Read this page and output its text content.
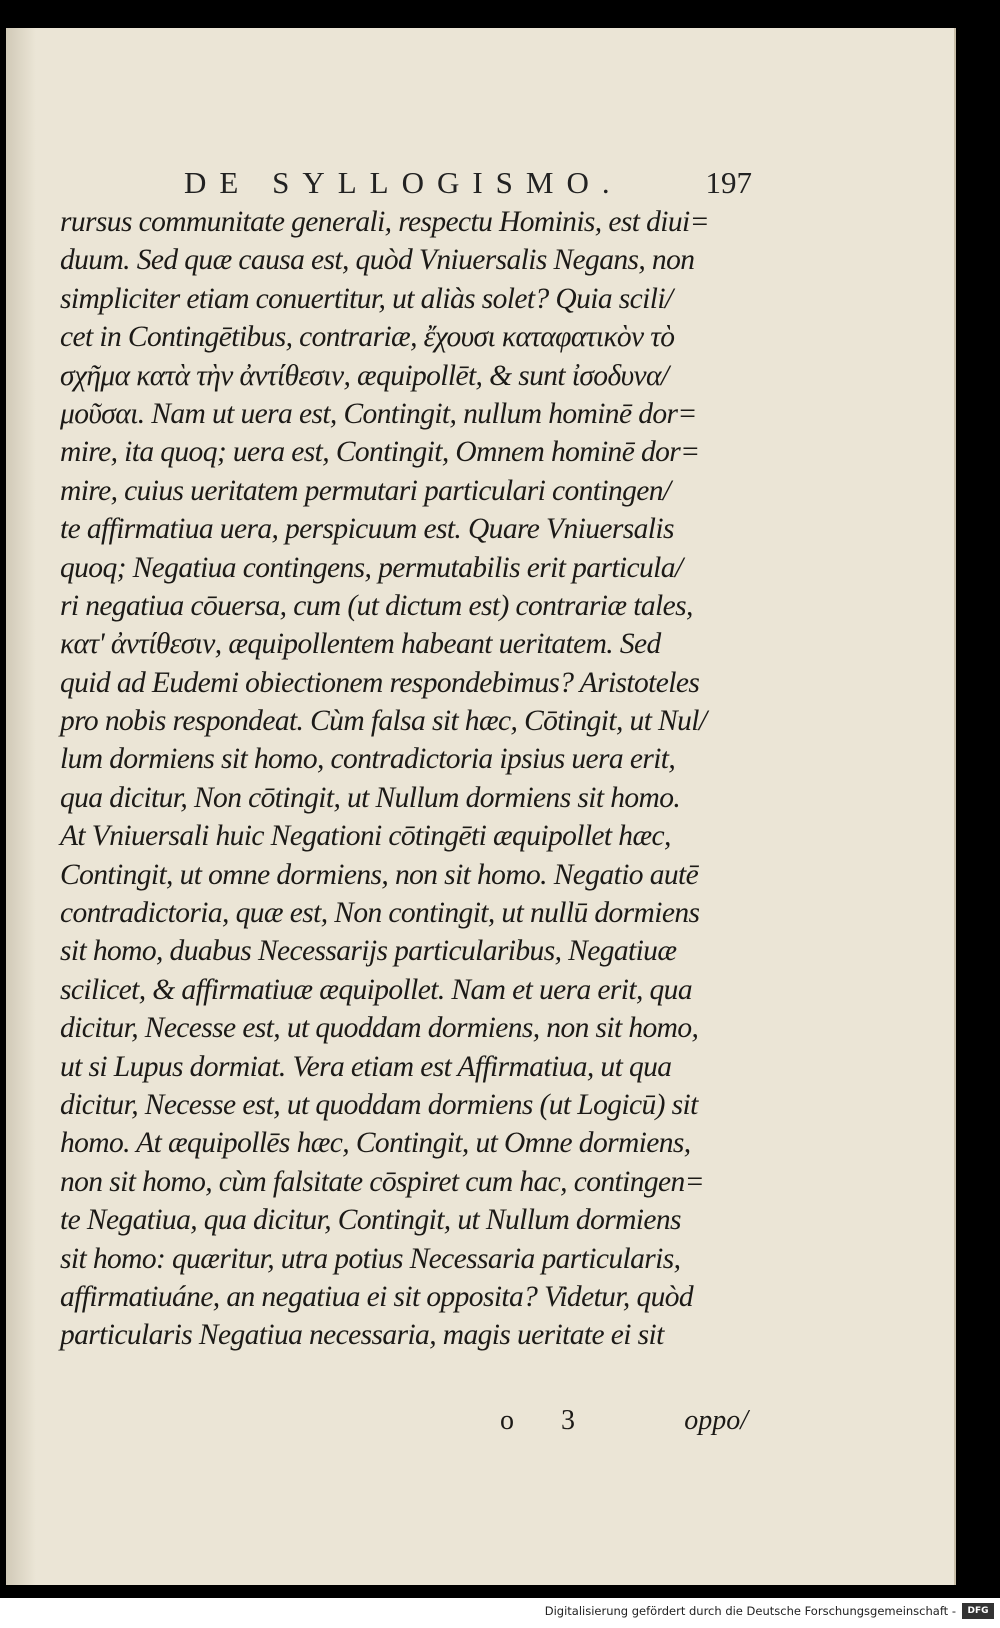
DE SYLLOGISMO.	197
rursus communitate generali, respectu Hominis, est diui=
duum. Sed quæ causa est, quòd Vniuersalis Negans, non
simpliciter etiam conuertitur, ut aliàs solet? Quia scili/
cet in Contingētibus, contrariæ, ἔχουσι καταφατικὸν τὸ
σχῆμα κατὰ τὴν ἀντίθεσιν, æquipollēt, & sunt ἰσοδυνα/
μοῦσαι. Nam ut uera est, Contingit, nullum hominē dor=
mire, ita quoq; uera est, Contingit, Omnem hominē dor=
mire, cuius ueritatem permutari particulari contingen/
te affirmatiua uera, perspicuum est. Quare Vniuersalis
quoq; Negatiua contingens, permutabilis erit particula/
ri negatiua cōuersa, cum (ut dictum est) contrariæ tales,
κατ' ἀντίθεσιν, æquipollentem habeant ueritatem. Sed
quid ad Eudemi obiectionem respondebimus? Aristoteles
pro nobis respondeat. Cùm falsa sit hæc, Cōtingit, ut Nul/
lum dormiens sit homo, contradictoria ipsius uera erit,
qua dicitur, Non cōtingit, ut Nullum dormiens sit homo.
At Vniuersali huic Negationi cōtingēti æquipollet hæc,
Contingit, ut omne dormiens, non sit homo. Negatio autē
contradictoria, quæ est, Non contingit, ut nullū dormiens
sit homo, duabus Necessarijs particularibus, Negatiuæ
scilicet, & affirmatiuæ æquipollet. Nam et uera erit, qua
dicitur, Necesse est, ut quoddam dormiens, non sit homo,
ut si Lupus dormiat. Vera etiam est Affirmatiua, ut qua
dicitur, Necesse est, ut quoddam dormiens (ut Logicū) sit
homo. At æquipollēs hæc, Contingit, ut Omne dormiens,
non sit homo, cùm falsitate cōspiret cum hac, contingen=
te Negatiua, qua dicitur, Contingit, ut Nullum dormiens
sit homo: quæritur, utra potius Necessaria particularis,
affirmatiuáne, an negatiua ei sit opposita? Videtur, quòd
particularis Negatiua necessaria, magis ueritate ei sit
o 3	oppo/
Digitalisierung gefördert durch die Deutsche Forschungsgemeinschaft -	DFG
